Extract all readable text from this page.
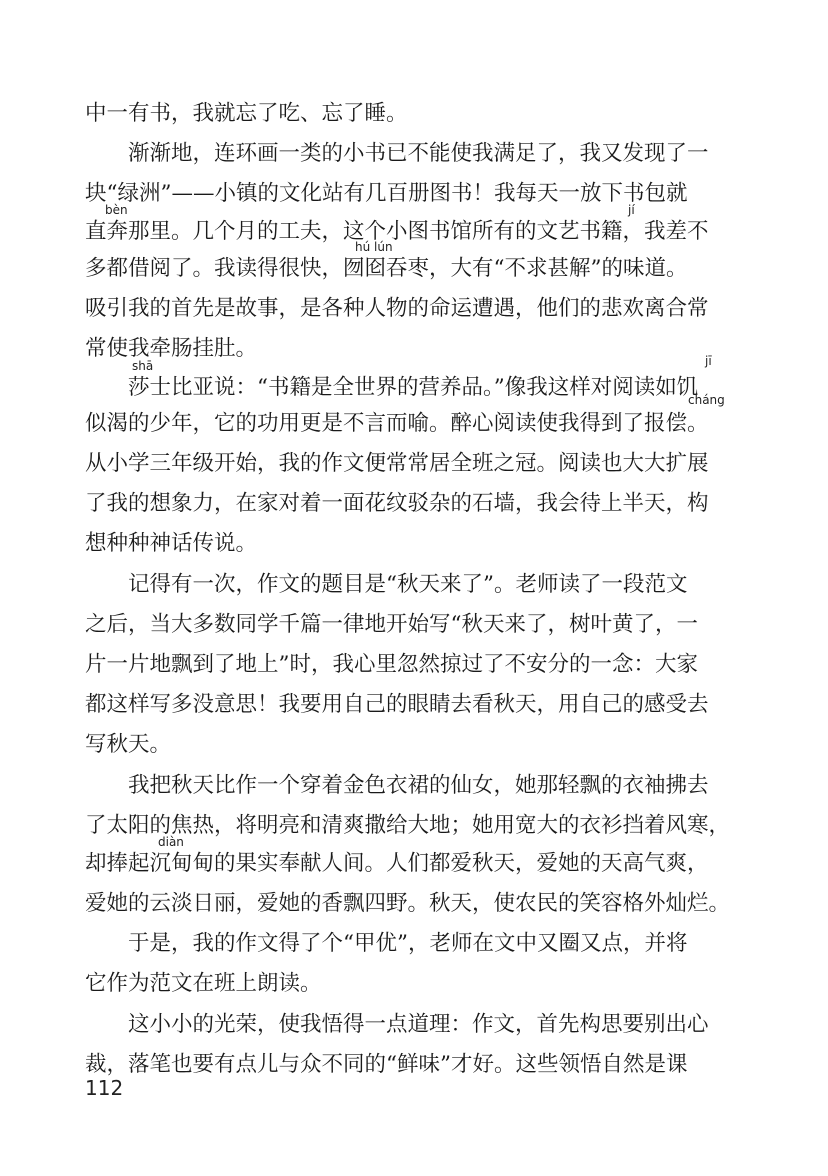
中一有书，我就忘了吃、忘了睡。
渐渐地，连环画一类的小书已不能使我满足了，我又发现了一
块“绿洲”——小镇的文化站有几百册图书！我每天一放下书包就
bèn	jí
直奔那里。几个月的工夫，这个小图书馆所有的文艺书籍，我差不
hú lún
多都借阅了。我读得很快，囫囵吞枣，大有“不求甚解”的味道。
吸引我的首先是故事，是各种人物的命运遭遇，他们的悲欢离合常
常使我牵肠挂肚。
shā	jī
莎士比亚说：“书籍是全世界的营养品。”像我这样对阅读如饥
cháng
似渴的少年，它的功用更是不言而喻。醉心阅读使我得到了报偿。
从小学三年级开始，我的作文便常常居全班之冠。阅读也大大扩展
了我的想象力，在家对着一面花纹驳杂的石墙，我会待上半天，构
想种种神话传说。
记得有一次，作文的题目是“秋天来了”。老师读了一段范文
之后，当大多数同学千篇一律地开始写“秋天来了，树叶黄了，一
片一片地飘到了地上”时，我心里忽然掠过了不安分的一念：大家
都这样写多没意思！我要用自己的眼睛去看秋天，用自己的感受去
写秋天。
我把秋天比作一个穿着金色衣裙的仙女，她那轻飘的衣袖拂去
了太阳的焦热，将明亮和清爽撒给大地；她用宽大的衣衫挡着风寒，
diàn
却捧起沉甸甸的果实奉献人间。人们都爱秋天，爱她的天高气爽，
爱她的云淡日丽，爱她的香飘四野。秋天，使农民的笑容格外灿烂。
于是，我的作文得了个“甲优”，老师在文中又圈又点，并将
它作为范文在班上朗读。
这小小的光荣，使我悟得一点道理：作文，首先构思要别出心
裁，落笔也要有点儿与众不同的“鲜味”才好。这些领悟自然是课
112
